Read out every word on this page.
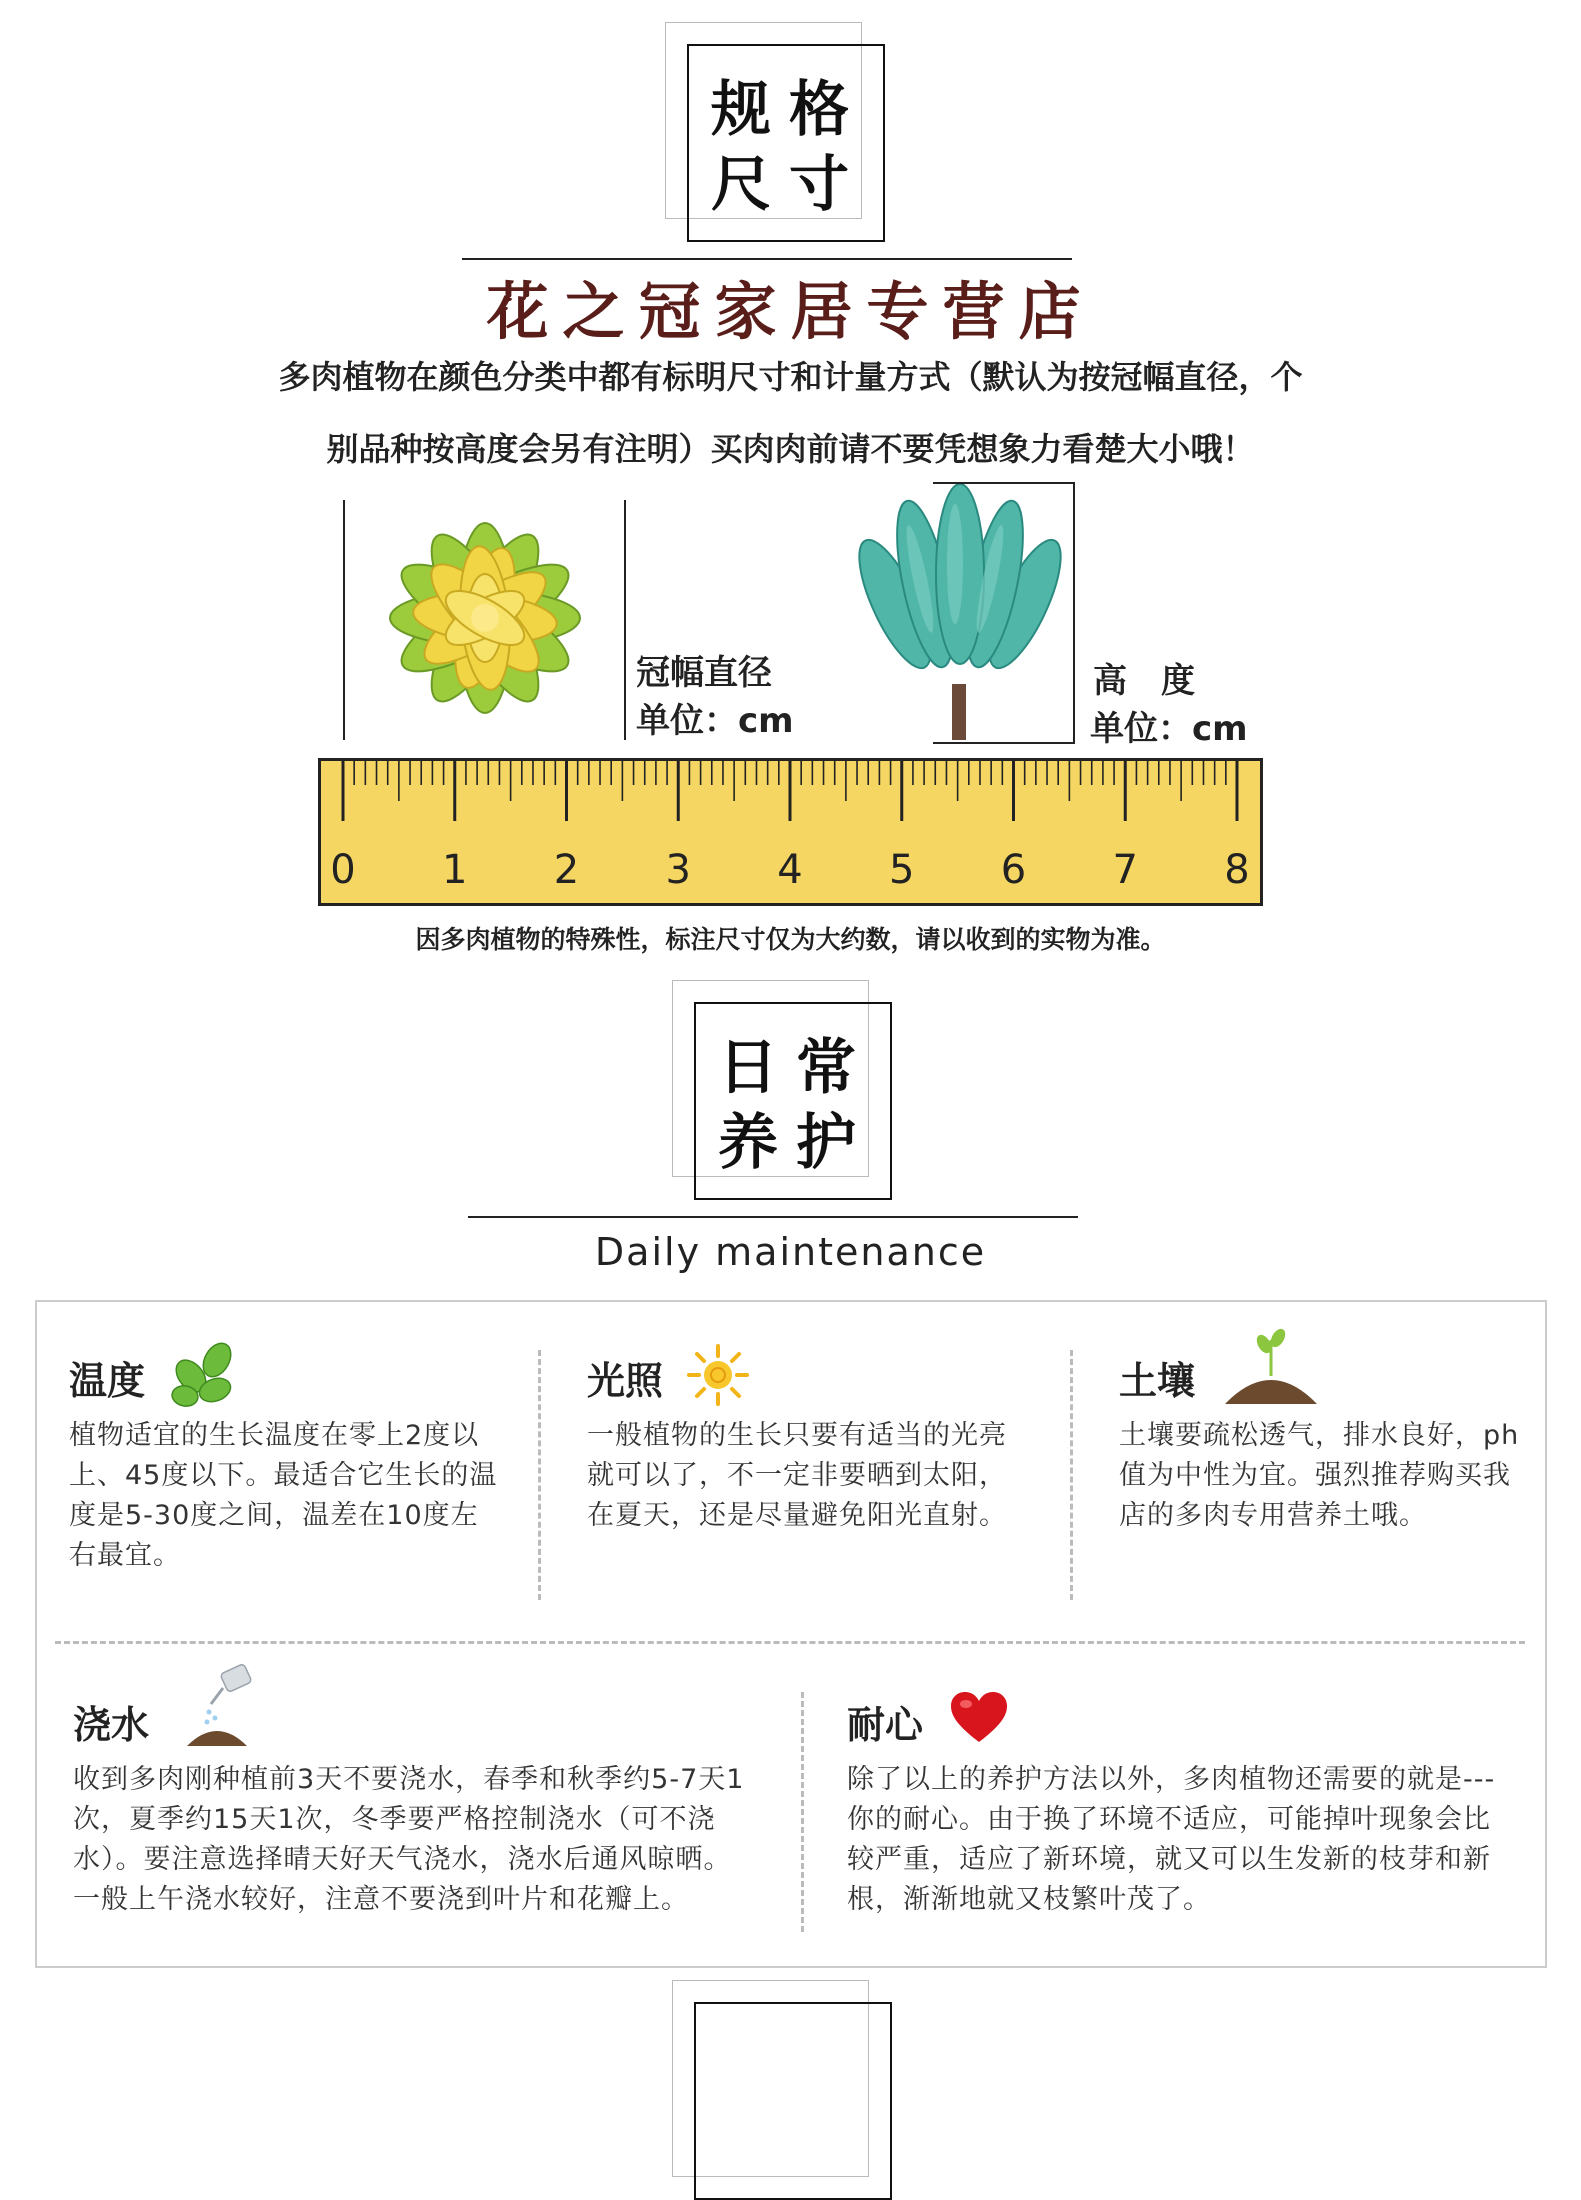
规格
尺寸
花之冠家居专营店
多肉植物在颜色分类中都有标明尺寸和计量方式（默认为按冠幅直径，个
别品种按高度会另有注明）买肉肉前请不要凭想象力看楚大小哦！
冠幅直径
单位：cm
高　度
单位：cm
0 1 2 3 4 5 6 7 8
因多肉植物的特殊性，标注尺寸仅为大约数，请以收到的实物为准。
日常
养护
Daily maintenance
温度
植物适宜的生长温度在零上2度以上、45度以下。最适合它生长的温度是5-30度之间，温差在10度左右最宜。
光照
一般植物的生长只要有适当的光亮就可以了，不一定非要晒到太阳，在夏天，还是尽量避免阳光直射。
土壤
土壤要疏松透气，排水良好，ph值为中性为宜。强烈推荐购买我店的多肉专用营养土哦。
浇水
收到多肉刚种植前3天不要浇水，春季和秋季约5-7天1次，夏季约15天1次，冬季要严格控制浇水（可不浇水）。要注意选择晴天好天气浇水，浇水后通风晾晒。一般上午浇水较好，注意不要浇到叶片和花瓣上。
耐心
除了以上的养护方法以外，多肉植物还需要的就是---你的耐心。由于换了环境不适应，可能掉叶现象会比较严重，适应了新环境，就又可以生发新的枝芽和新根，渐渐地就又枝繁叶茂了。
